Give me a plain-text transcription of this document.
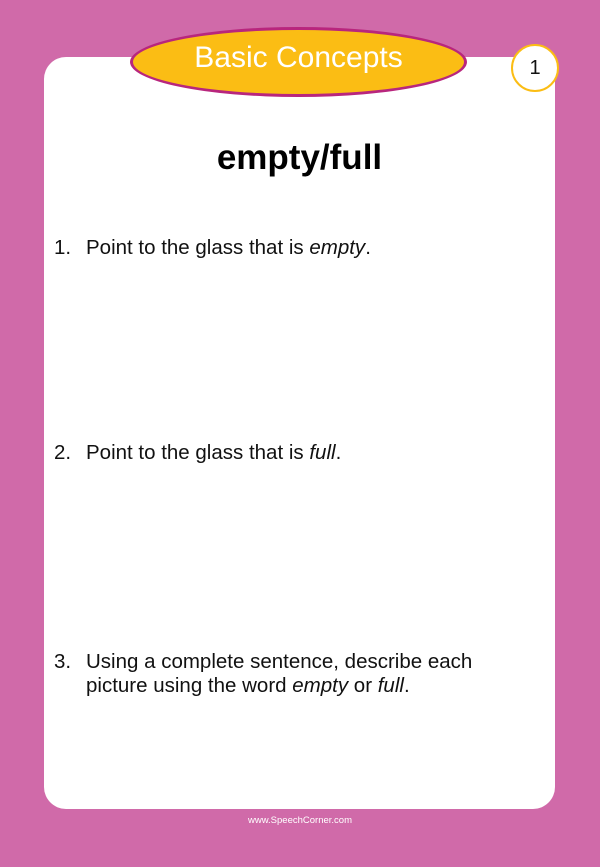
Basic Concepts	1
empty/full
1. Point to the glass that is empty.
2. Point to the glass that is full.
3. Using a complete sentence, describe each picture using the word empty or full.
www.SpeechCorner.com
